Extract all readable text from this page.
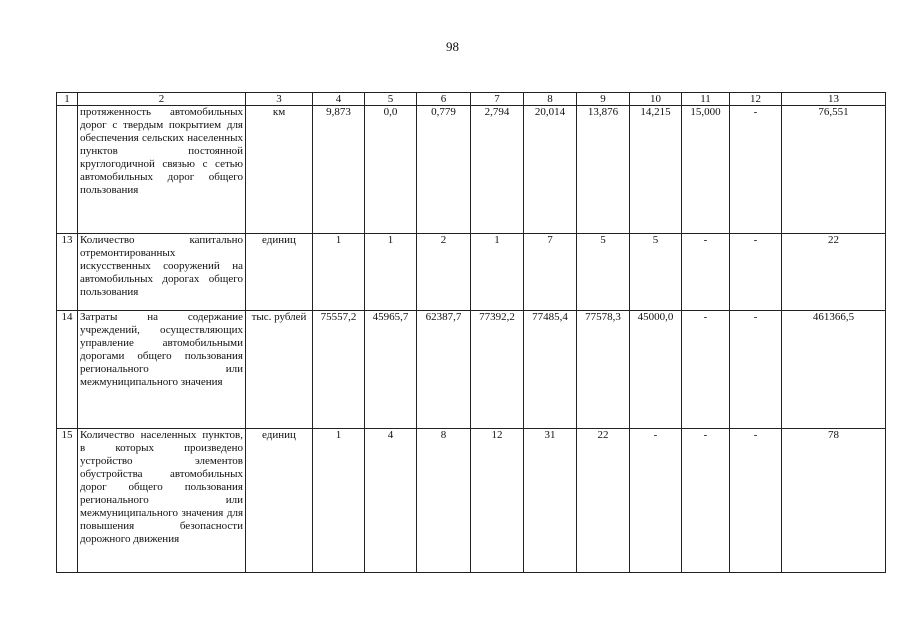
98
1	2	3	4	5	6	7	8	9	10	11	12	13
	протяженность автомобильных дорог с твердым покрытием для обеспечения сельских населенных пунктов постоянной круглогодичной связью с сетью автомобильных дорог общего пользования	км	9,873	0,0	0,779	2,794	20,014	13,876	14,215	15,000	-	76,551
13	Количество капитально отремонтированных искусственных сооружений на автомобильных дорогах общего пользования	единиц	1	1	2	1	7	5	5	-	-	22
14	Затраты на содержание учреждений, осуществляющих управление автомобильными дорогами общего пользования регионального или межмуниципального значения	тыс. рублей	75557,2	45965,7	62387,7	77392,2	77485,4	77578,3	45000,0	-	-	461366,5
15	Количество населенных пунктов, в которых произведено устройство элементов обустройства автомобильных дорог общего пользования регионального или межмуниципального значения для повышения безопасности дорожного движения	единиц	1	4	8	12	31	22	-	-	-	78
